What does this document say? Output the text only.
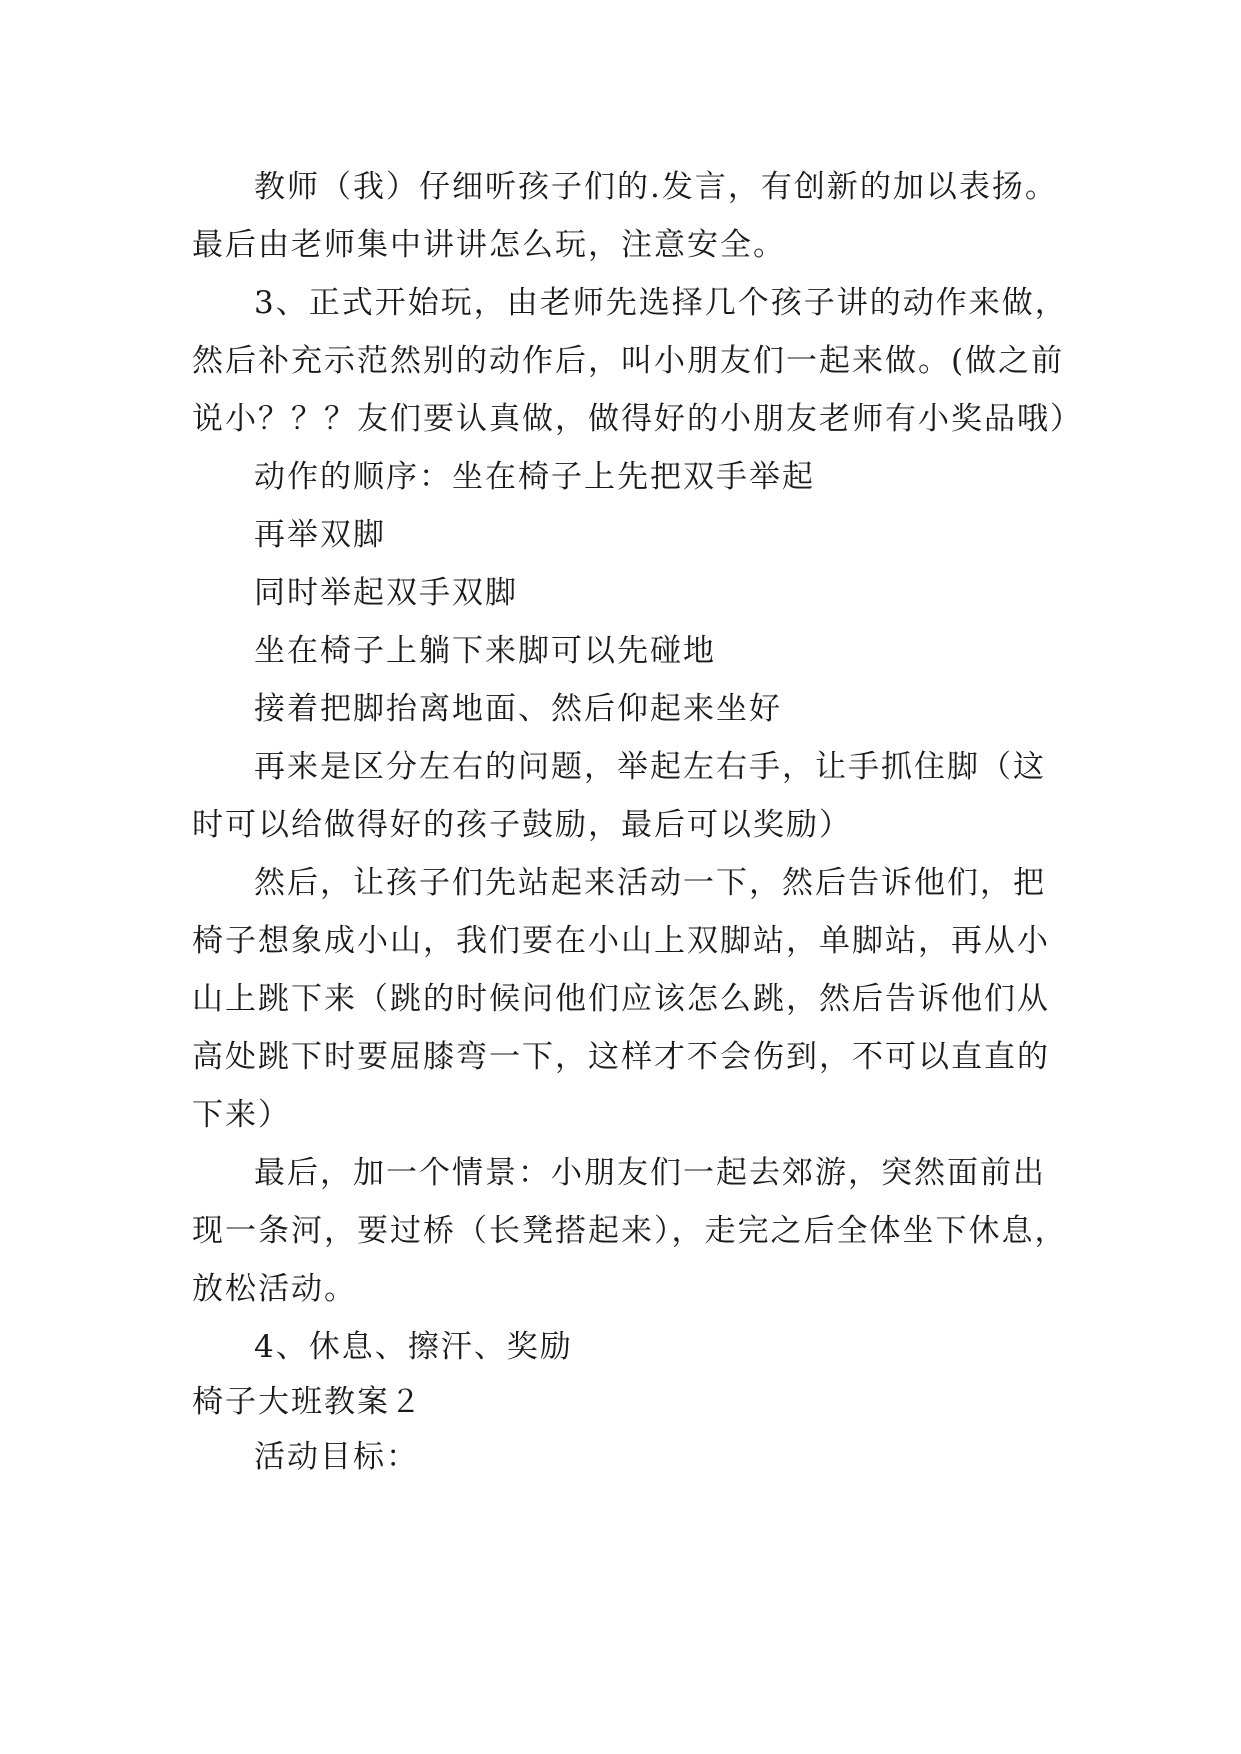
教师（我）仔细听孩子们的.发言，有创新的加以表扬。最后由老师集中讲讲怎么玩，注意安全。

3、正式开始玩，由老师先选择几个孩子讲的动作来做，然后补充示范然别的动作后，叫小朋友们一起来做。(做之前说小？？？友们要认真做，做得好的小朋友老师有小奖品哦）

动作的顺序：坐在椅子上先把双手举起

再举双脚

同时举起双手双脚

坐在椅子上躺下来脚可以先碰地

接着把脚抬离地面、然后仰起来坐好

再来是区分左右的问题，举起左右手，让手抓住脚（这时可以给做得好的孩子鼓励，最后可以奖励）

然后，让孩子们先站起来活动一下，然后告诉他们，把椅子想象成小山，我们要在小山上双脚站，单脚站，再从小山上跳下来（跳的时候问他们应该怎么跳，然后告诉他们从高处跳下时要屈膝弯一下，这样才不会伤到，不可以直直的下来）

最后，加一个情景：小朋友们一起去郊游，突然面前出现一条河，要过桥（长凳搭起来），走完之后全体坐下休息，放松活动。

4、休息、擦汗、奖励

椅子大班教案２

活动目标：
